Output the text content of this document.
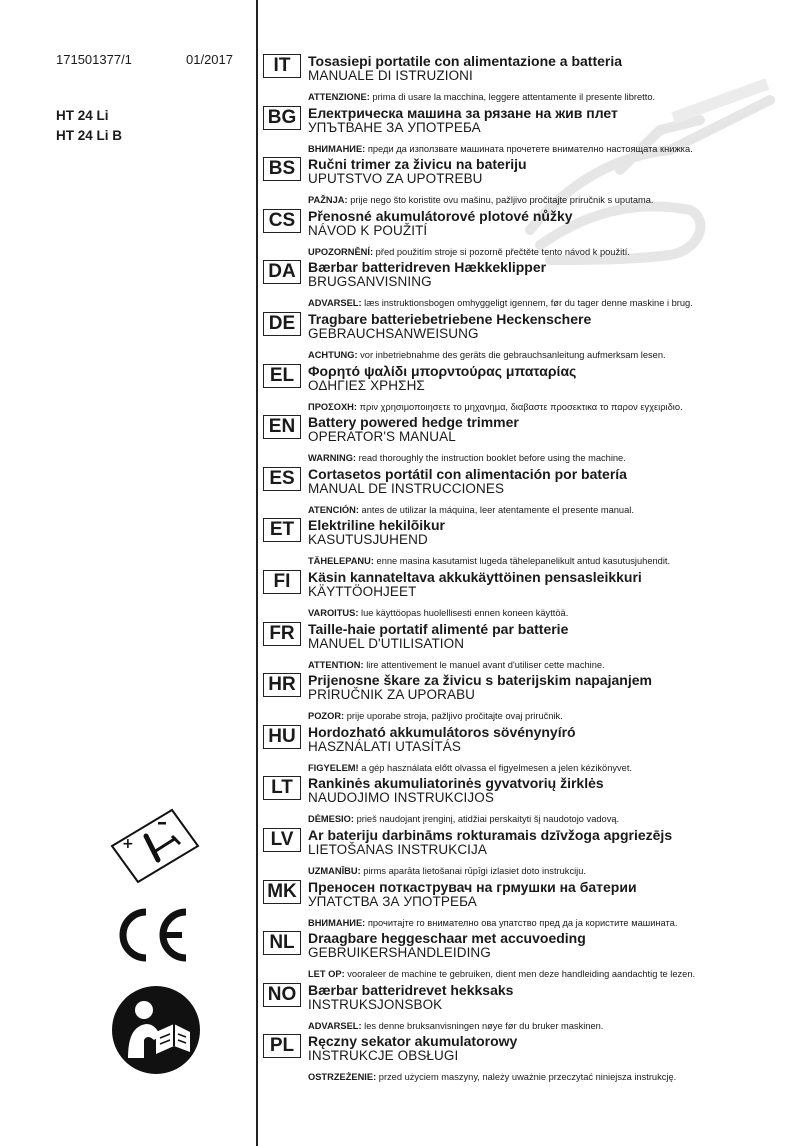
171501377/1	01/2017
HT 24 Li
HT 24 Li B
IT	Tosasiepi portatile con alimentazione a batteria
MANUALE DI ISTRUZIONI
ATTENZIONE: prima di usare la macchina, leggere attentamente il presente libretto.
BG Електрическа машина за рязане на жив плет
УПЪТВАНЕ ЗА УПОТРЕБА
ВНИМАНИЕ: преди да използвате машината прочетете внимателно настоящата книжка.
BS Ručni trimer za živicu na bateriju
UPUTSTVO ZA UPOTREBU
PAŽNJA: prije nego što koristite ovu mašinu, pažljivo pročitajte priručnik s uputama.
CS Přenosné akumulátorové plotové nůžky
NÁVOD K POUŽITÍ
UPOZORNĚNÍ: před použitím stroje si pozorně přečtěte tento návod k použití.
DA Bærbar batteridreven Hækkeklipper
BRUGSANVISNING
ADVARSEL: læs instruktionsbogen omhyggeligt igennem, før du tager denne maskine i brug.
DE Tragbare batteriebetriebene Heckenschere
GEBRAUCHSANWEISUNG
ACHTUNG: vor inbetriebnahme des geräts die gebrauchsanleitung aufmerksam lesen.
EL Φορητό ψαλίδι μπορντούρας μπαταρίας
ΟΔΗΓΙΕΣ ΧΡΗΣΗΣ
ΠΡΟΣΟΧΗ: πριν χρησιμοποιησετε το μηχανημα, διαβαστε προσεκτικα το παρον εγχειριδιο.
EN Battery powered hedge trimmer
OPERATOR'S MANUAL
WARNING: read thoroughly the instruction booklet before using the machine.
ES Cortasetos portátil con alimentación por batería
MANUAL DE INSTRUCCIONES
ATENCIÓN: antes de utilizar la máquina, leer atentamente el presente manual.
ET Elektriline hekilõikur
KASUTUSJUHEND
TÄHELEPANU: enne masina kasutamist lugeda tähelepanelikult antud kasutusjuhendit.
FI	Käsin kannateltava akkukäyttöinen pensasleikkuri
KÄYTTÖOHJEET
VAROITUS: lue käyttöopas huolellisesti ennen koneen käyttöä.
FR Taille-haie portatif alimenté par batterie
MANUEL D'UTILISATION
ATTENTION: lire attentivement le manuel avant d'utiliser cette machine.
HR Prijenosne škare za živicu s baterijskim napajanjem
PRIRUČNIK ZA UPORABU
POZOR: prije uporabe stroja, pažljivo pročitajte ovaj priručnik.
HU Hordozható akkumulátoros sövénynyíró
HASZNÁLATI UTASÍTÁS
FIGYELEM! a gép használata előtt olvassa el figyelmesen a jelen kézikönyvet.
LT	Rankinės akumuliatorinės gyvatvorių žirklės
NAUDOJIMO INSTRUKCIJOS
DĖMESIO: prieš naudojant įrenginį, atidžiai perskaityti šį naudotojo vadovą.
LV	Ar bateriju darbināms rokturamais dzīvžoga apgriezējs
LIETOŠANAS INSTRUKCIJA
UZMANĪBU: pirms aparāta lietošanai rūpīgi izlasiet doto instrukciju.
MK Преносен поткаструвач на грмушки на батерии
УПАТСТВА ЗА УПОТРЕБА
ВНИМАНИЕ: прочитајте го внимателно ова упатство пред да ја користите машината.
NL Draagbare heggeschaar met accuvoeding
GEBRUIKERSHANDLEIDING
LET OP: vooraleer de machine te gebruiken, dient men deze handleiding aandachtig te lezen.
NO Bærbar batteridrevet hekksaks
INSTRUKSJONSBOK
ADVARSEL: les denne bruksanvisningen nøye før du bruker maskinen.
PL Ręczny sekator akumulatorowy
INSTRUKCJE OBSŁUGI
OSTRZEŻENIE: przed użyciem maszyny, należy uważnie przeczytać niniejsza instrukcję.
+
